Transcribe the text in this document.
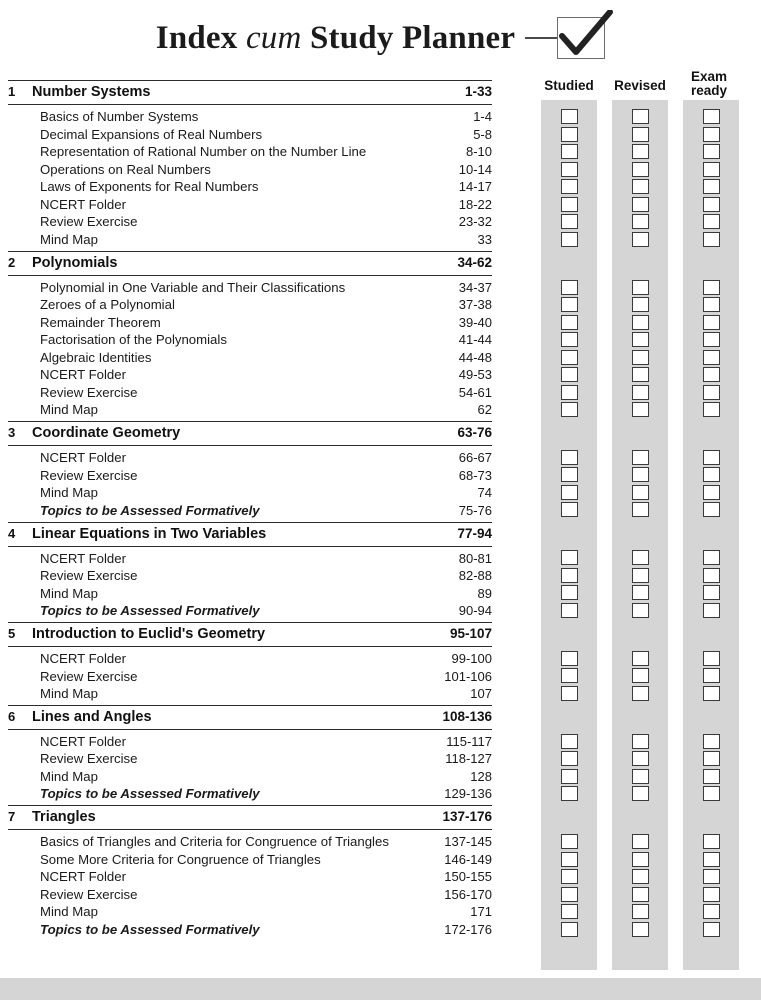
Index cum Study Planner
Studied	Revised
Exam ready
1	Number Systems	1-33
Basics of Number Systems	1-4
Decimal Expansions of Real Numbers	5-8
Representation of Rational Number on the Number Line	8-10
Operations on Real Numbers	10-14
Laws of Exponents for Real Numbers	14-17
NCERT Folder	18-22
Review Exercise	23-32
Mind Map	33
2	Polynomials	34-62
Polynomial in One Variable and Their Classifications	34-37
Zeroes of a Polynomial	37-38
Remainder Theorem	39-40
Factorisation of the Polynomials	41-44
Algebraic Identities	44-48
NCERT Folder	49-53
Review Exercise	54-61
Mind Map	62
3	Coordinate Geometry	63-76
NCERT Folder	66-67
Review Exercise	68-73
Mind Map	74
Topics to be Assessed Formatively	75-76
4	Linear Equations in Two Variables	77-94
NCERT Folder	80-81
Review Exercise	82-88
Mind Map	89
Topics to be Assessed Formatively	90-94
5	Introduction to Euclid's Geometry	95-107
NCERT Folder	99-100
Review Exercise	101-106
Mind Map	107
6	Lines and Angles	108-136
NCERT Folder	115-117
Review Exercise	118-127
Mind Map	128
Topics to be Assessed Formatively	129-136
7	Triangles	137-176
Basics of Triangles and Criteria for Congruence of Triangles	137-145
Some More Criteria for Congruence of Triangles	146-149
NCERT Folder	150-155
Review Exercise	156-170
Mind Map	171
Topics to be Assessed Formatively	172-176
